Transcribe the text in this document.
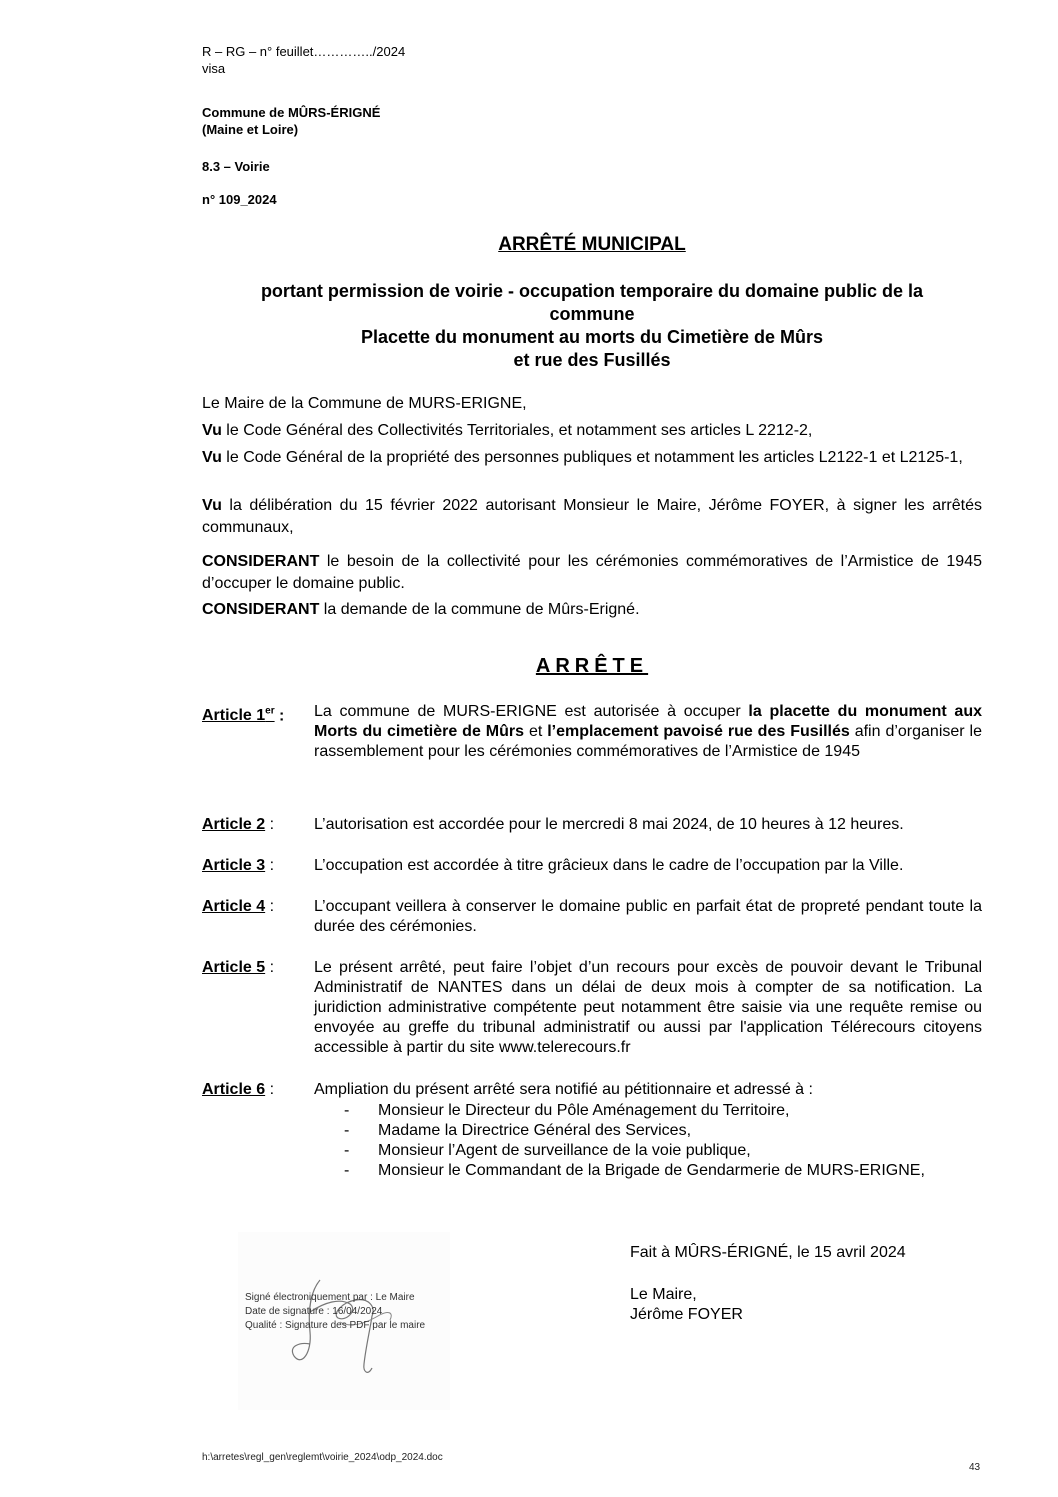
R – RG – n° feuillet…………../2024
visa
Commune de MÛRS-ÉRIGNÉ
(Maine et Loire)
8.3 – Voirie
n° 109_2024
ARRÊTÉ MUNICIPAL
portant permission de voirie - occupation temporaire du domaine public de la
commune
Placette du monument au morts du Cimetière de Mûrs
et rue des Fusillés
Le Maire de la Commune de MURS-ERIGNE,
Vu le Code Général des Collectivités Territoriales, et notamment ses articles L 2212-2,
Vu le Code Général de la propriété des personnes publiques et notamment les articles L2122-1 et L2125-1,
Vu la délibération du 15 février 2022 autorisant Monsieur le Maire, Jérôme FOYER, à signer les arrêtés communaux,
CONSIDERANT le besoin de la collectivité pour les cérémonies commémoratives de l’Armistice de 1945 d’occuper le domaine public.
CONSIDERANT la demande de la commune de Mûrs-Erigné.
ARRÊTE
Article 1er : La commune de MURS-ERIGNE est autorisée à occuper la placette du monument aux Morts du cimetière de Mûrs et l’emplacement pavoisé rue des Fusillés afin d’organiser le rassemblement pour les cérémonies commémoratives de l’Armistice de 1945
Article 2 : L’autorisation est accordée pour le mercredi 8 mai 2024, de 10 heures à 12 heures.
Article 3 : L’occupation est accordée à titre grâcieux dans le cadre de l’occupation par la Ville.
Article 4 : L’occupant veillera à conserver le domaine public en parfait état de propreté pendant toute la durée des cérémonies.
Article 5 : Le présent arrêté, peut faire l’objet d’un recours pour excès de pouvoir devant le Tribunal Administratif de NANTES dans un délai de deux mois à compter de sa notification. La juridiction administrative compétente peut notamment être saisie via une requête remise ou envoyée au greffe du tribunal administratif ou aussi par l'application Télérecours citoyens accessible à partir du site www.telerecours.fr
Article 6 : Ampliation du présent arrêté sera notifié au pétitionnaire et adressé à :
- Monsieur le Directeur du Pôle Aménagement du Territoire,
- Madame la Directrice Général des Services,
- Monsieur l’Agent de surveillance de la voie publique,
- Monsieur le Commandant de la Brigade de Gendarmerie de MURS-ERIGNE,
Fait à MÛRS-ÉRIGNÉ, le 15 avril 2024
Le Maire,
Jérôme FOYER
Signé électroniquement par : Le Maire
Date de signature : 16/04/2024
Qualité : Signature des PDF par le maire
h:\arretes\regl_gen\reglemt\voirie_2024\odp_2024.doc
43
